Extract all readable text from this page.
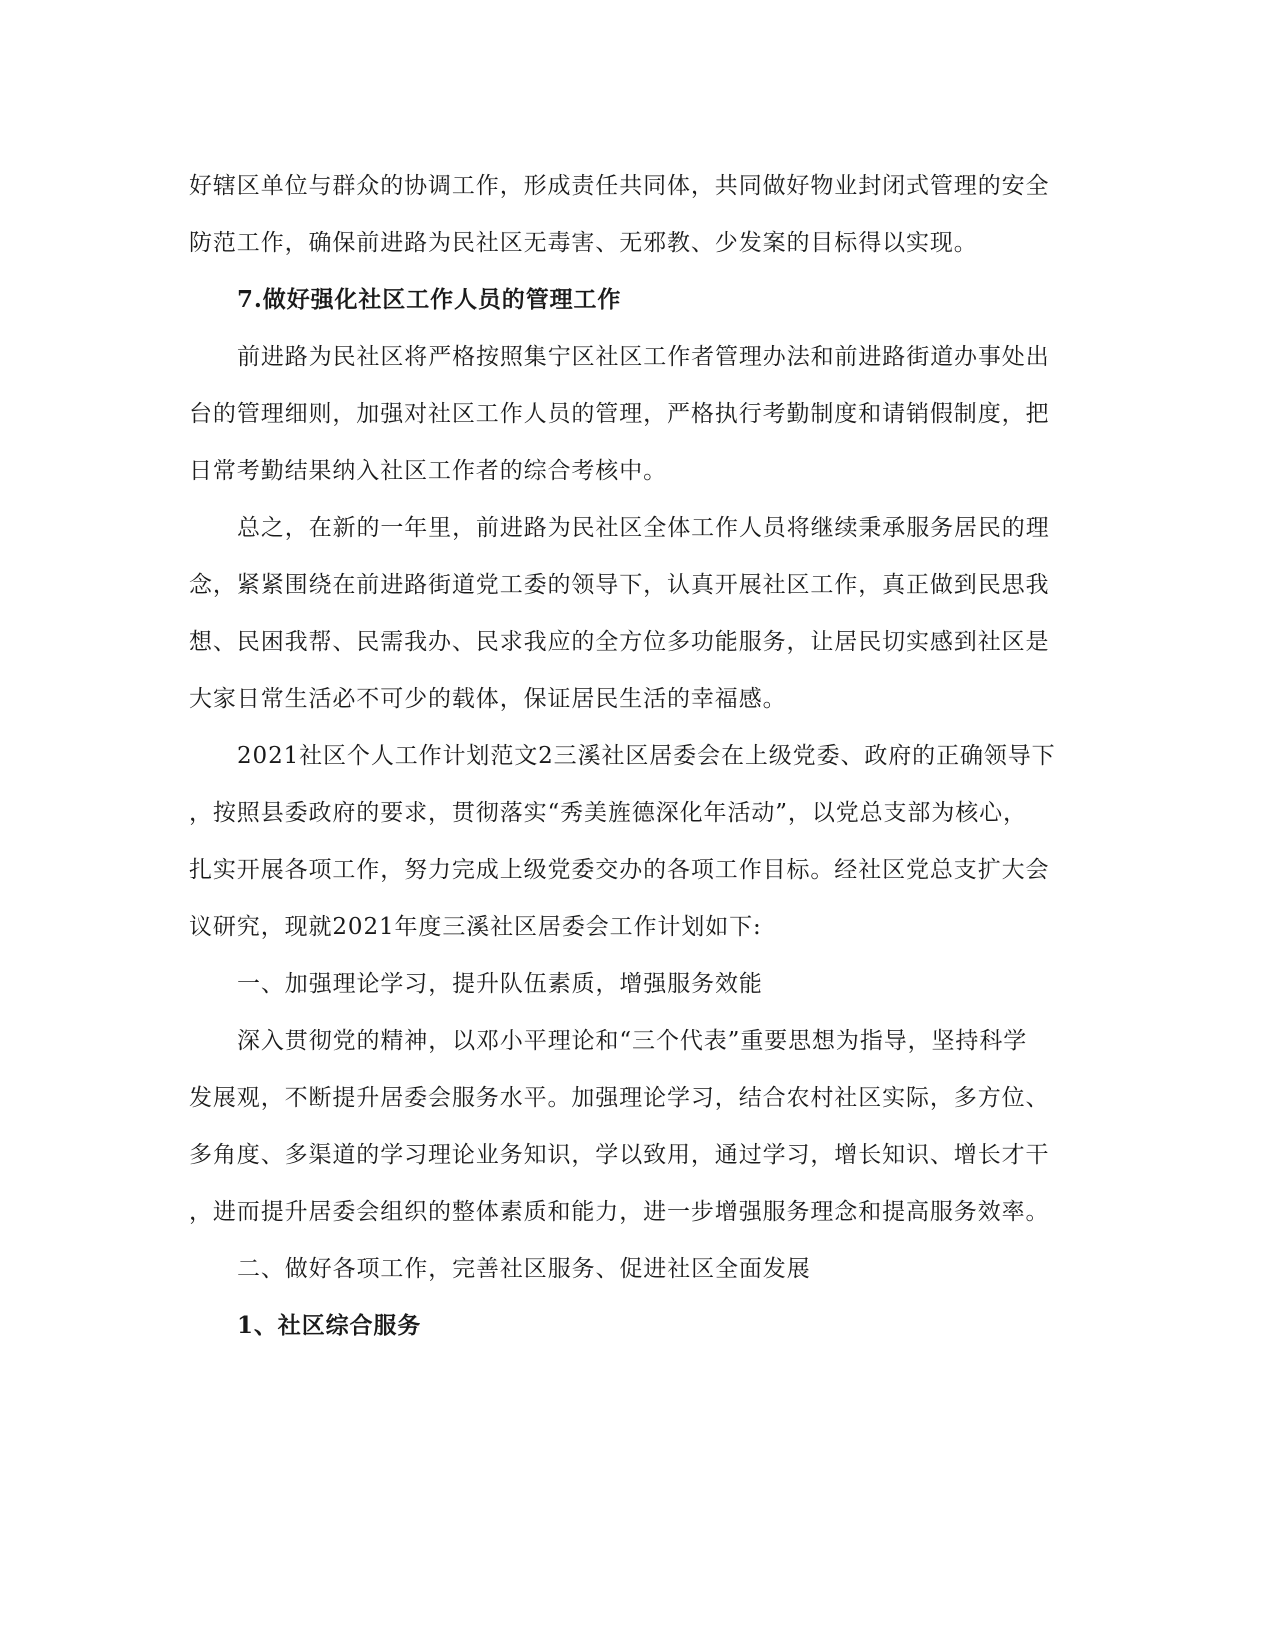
好辖区单位与群众的协调工作，形成责任共同体，共同做好物业封闭式管理的安全
防范工作，确保前进路为民社区无毒害、无邪教、少发案的目标得以实现。
7.做好强化社区工作人员的管理工作
前进路为民社区将严格按照集宁区社区工作者管理办法和前进路街道办事处出
台的管理细则，加强对社区工作人员的管理，严格执行考勤制度和请销假制度，把
日常考勤结果纳入社区工作者的综合考核中。
总之，在新的一年里，前进路为民社区全体工作人员将继续秉承服务居民的理
念，紧紧围绕在前进路街道党工委的领导下，认真开展社区工作，真正做到民思我
想、民困我帮、民需我办、民求我应的全方位多功能服务，让居民切实感到社区是
大家日常生活必不可少的载体，保证居民生活的幸福感。
2021社区个人工作计划范文2三溪社区居委会在上级党委、政府的正确领导下
，按照县委政府的要求，贯彻落实“秀美旌德深化年活动”，以党总支部为核心，
扎实开展各项工作，努力完成上级党委交办的各项工作目标。经社区党总支扩大会
议研究，现就2021年度三溪社区居委会工作计划如下:
一、加强理论学习，提升队伍素质，增强服务效能
深入贯彻党的精神，以邓小平理论和“三个代表”重要思想为指导，坚持科学
发展观，不断提升居委会服务水平。加强理论学习，结合农村社区实际，多方位、
多角度、多渠道的学习理论业务知识，学以致用，通过学习，增长知识、增长才干
，进而提升居委会组织的整体素质和能力，进一步增强服务理念和提高服务效率。
二、做好各项工作，完善社区服务、促进社区全面发展
1、社区综合服务
